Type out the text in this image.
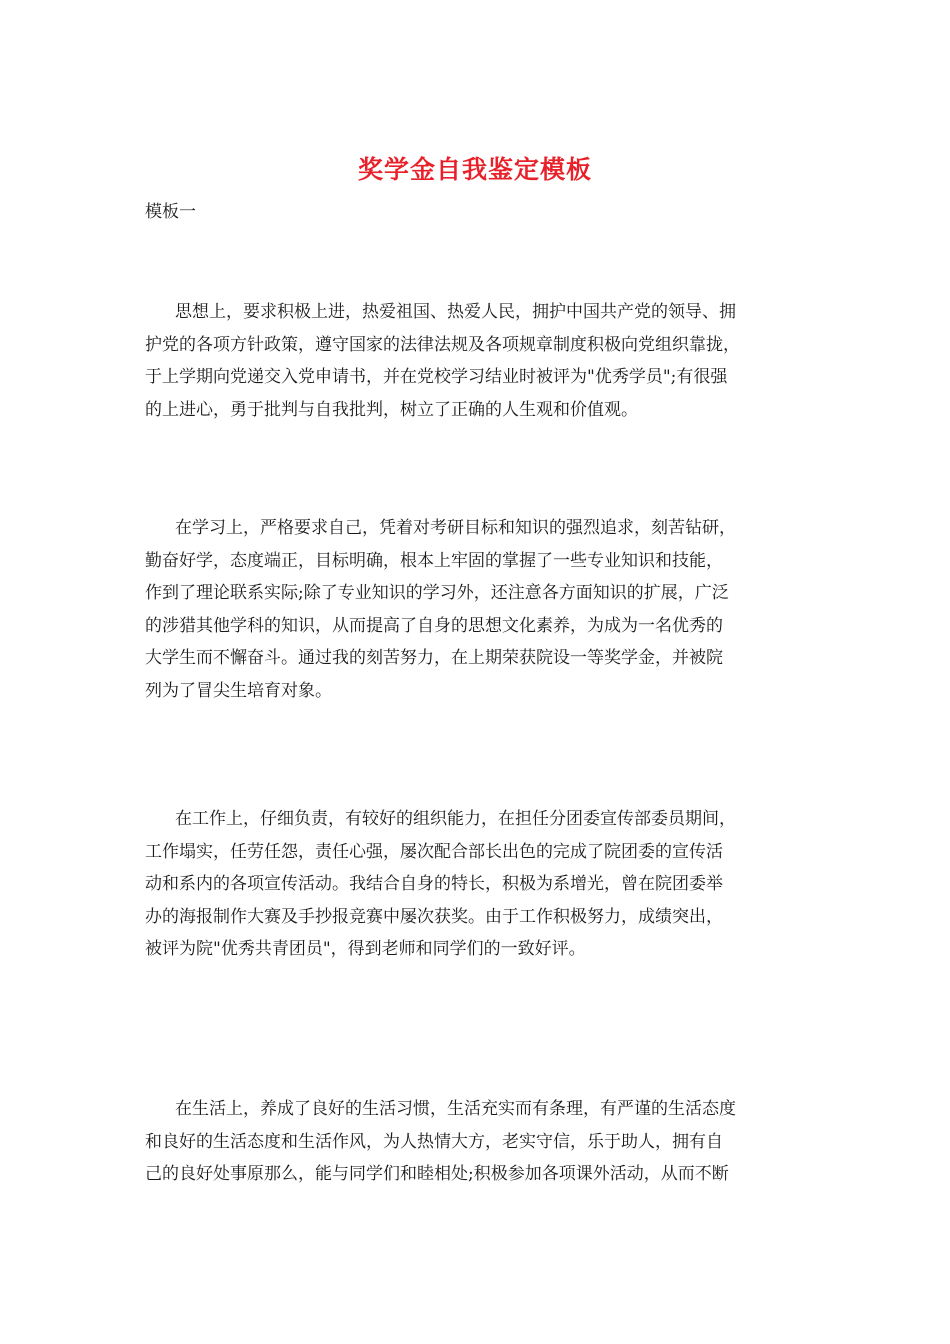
奖学金自我鉴定模板
模板一

思想上，要求积极上进，热爱祖国、热爱人民，拥护中国共产党的领导、拥
护党的各项方针政策，遵守国家的法律法规及各项规章制度积极向党组织靠拢，
于上学期向党递交入党申请书，并在党校学习结业时被评为"优秀学员";有很强
的上进心，勇于批判与自我批判，树立了正确的人生观和价值观。

在学习上，严格要求自己，凭着对考研目标和知识的强烈追求，刻苦钻研，
勤奋好学，态度端正，目标明确，根本上牢固的掌握了一些专业知识和技能，
作到了理论联系实际;除了专业知识的学习外，还注意各方面知识的扩展，广泛
的涉猎其他学科的知识，从而提高了自身的思想文化素养，为成为一名优秀的
大学生而不懈奋斗。通过我的刻苦努力，在上期荣获院设一等奖学金，并被院
列为了冒尖生培育对象。

在工作上，仔细负责，有较好的组织能力，在担任分团委宣传部委员期间，
工作塌实，任劳任怨，责任心强，屡次配合部长出色的完成了院团委的宣传活
动和系内的各项宣传活动。我结合自身的特长，积极为系增光，曾在院团委举
办的海报制作大赛及手抄报竞赛中屡次获奖。由于工作积极努力，成绩突出，
被评为院"优秀共青团员"，得到老师和同学们的一致好评。

在生活上，养成了良好的生活习惯，生活充实而有条理，有严谨的生活态度
和良好的生活态度和生活作风，为人热情大方，老实守信，乐于助人，拥有自
己的良好处事原那么，能与同学们和睦相处;积极参加各项课外活动，从而不断
